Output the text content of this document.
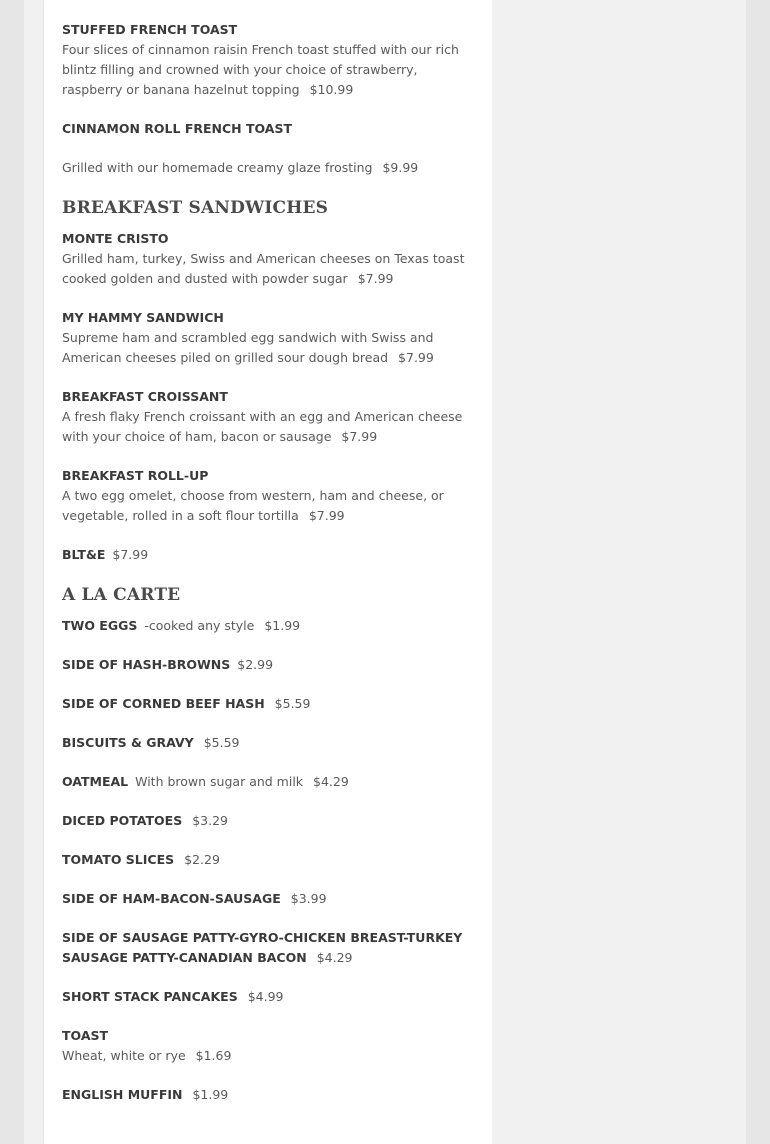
STUFFED FRENCH TOAST
Four slices of cinnamon raisin French toast stuffed with our rich blintz filling and crowned with your choice of strawberry, raspberry or banana hazelnut topping $10.99
CINNAMON ROLL FRENCH TOAST
Grilled with our homemade creamy glaze frosting $9.99
BREAKFAST SANDWICHES
MONTE CRISTO
Grilled ham, turkey, Swiss and American cheeses on Texas toast cooked golden and dusted with powder sugar $7.99
MY HAMMY SANDWICH
Supreme ham and scrambled egg sandwich with Swiss and American cheeses piled on grilled sour dough bread $7.99
BREAKFAST CROISSANT
A fresh flaky French croissant with an egg and American cheese with your choice of ham, bacon or sausage $7.99
BREAKFAST ROLL-UP
A two egg omelet, choose from western, ham and cheese, or vegetable, rolled in a soft flour tortilla $7.99
BLT&E $7.99
A LA CARTE
TWO EGGS -cooked any style $1.99
SIDE OF HASH-BROWNS $2.99
SIDE OF CORNED BEEF HASH $5.59
BISCUITS & GRAVY $5.59
OATMEAL With brown sugar and milk $4.29
DICED POTATOES $3.29
TOMATO SLICES $2.29
SIDE OF HAM-BACON-SAUSAGE $3.99
SIDE OF SAUSAGE PATTY-GYRO-CHICKEN BREAST-TURKEY SAUSAGE PATTY-CANADIAN BACON $4.29
SHORT STACK PANCAKES $4.99
TOAST
Wheat, white or rye $1.69
ENGLISH MUFFIN $1.99
